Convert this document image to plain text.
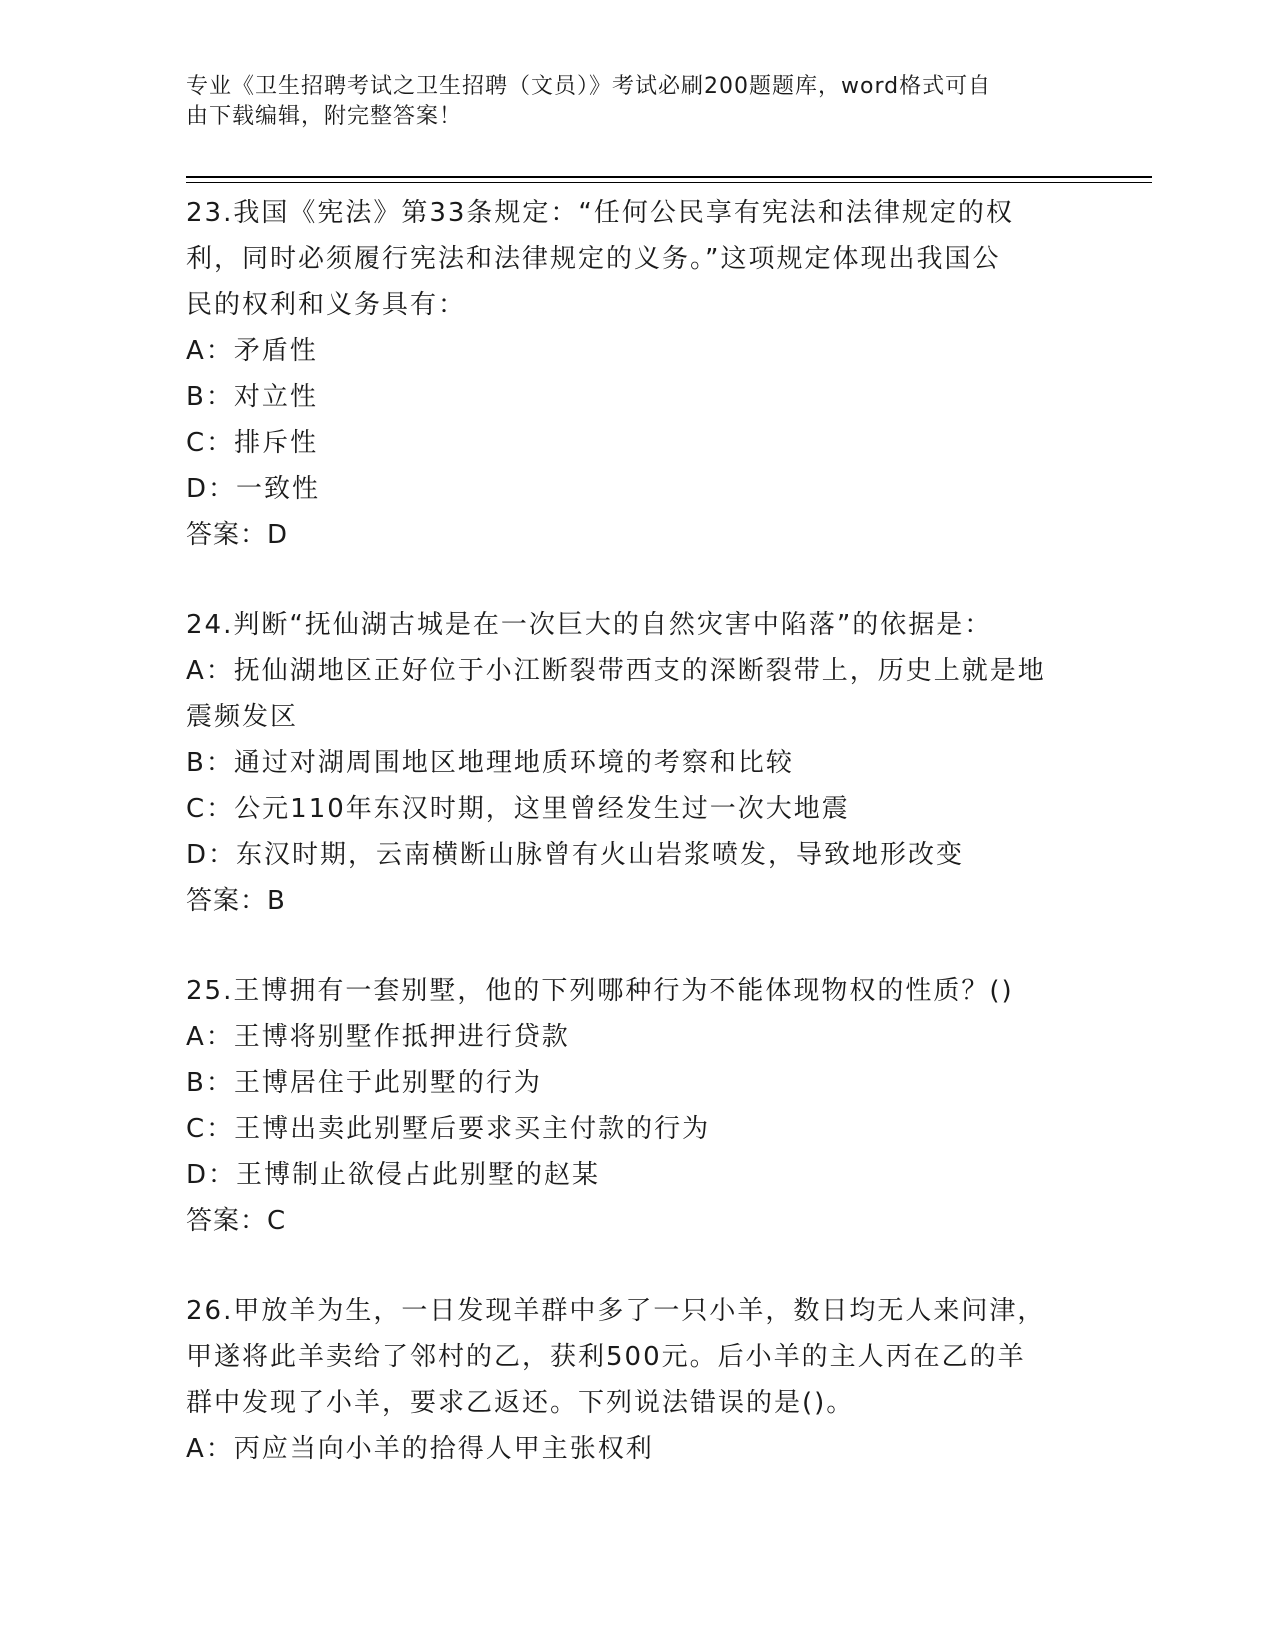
专业《卫生招聘考试之卫生招聘（文员）》考试必刷200题题库，word格式可自
由下载编辑，附完整答案！
23.我国《宪法》第33条规定：“任何公民享有宪法和法律规定的权
利，同时必须履行宪法和法律规定的义务。”这项规定体现出我国公
民的权利和义务具有：
A：矛盾性
B：对立性
C：排斥性
D：一致性
答案：D
24.判断“抚仙湖古城是在一次巨大的自然灾害中陷落”的依据是：
A：抚仙湖地区正好位于小江断裂带西支的深断裂带上，历史上就是地
震频发区
B：通过对湖周围地区地理地质环境的考察和比较
C：公元110年东汉时期，这里曾经发生过一次大地震
D：东汉时期，云南横断山脉曾有火山岩浆喷发，导致地形改变
答案：B
25.王博拥有一套别墅，他的下列哪种行为不能体现物权的性质？()
A：王博将别墅作抵押进行贷款
B：王博居住于此别墅的行为
C：王博出卖此别墅后要求买主付款的行为
D：王博制止欲侵占此别墅的赵某
答案：C
26.甲放羊为生，一日发现羊群中多了一只小羊，数日均无人来问津，
甲遂将此羊卖给了邻村的乙，获利500元。后小羊的主人丙在乙的羊
群中发现了小羊，要求乙返还。下列说法错误的是()。
A：丙应当向小羊的拾得人甲主张权利
